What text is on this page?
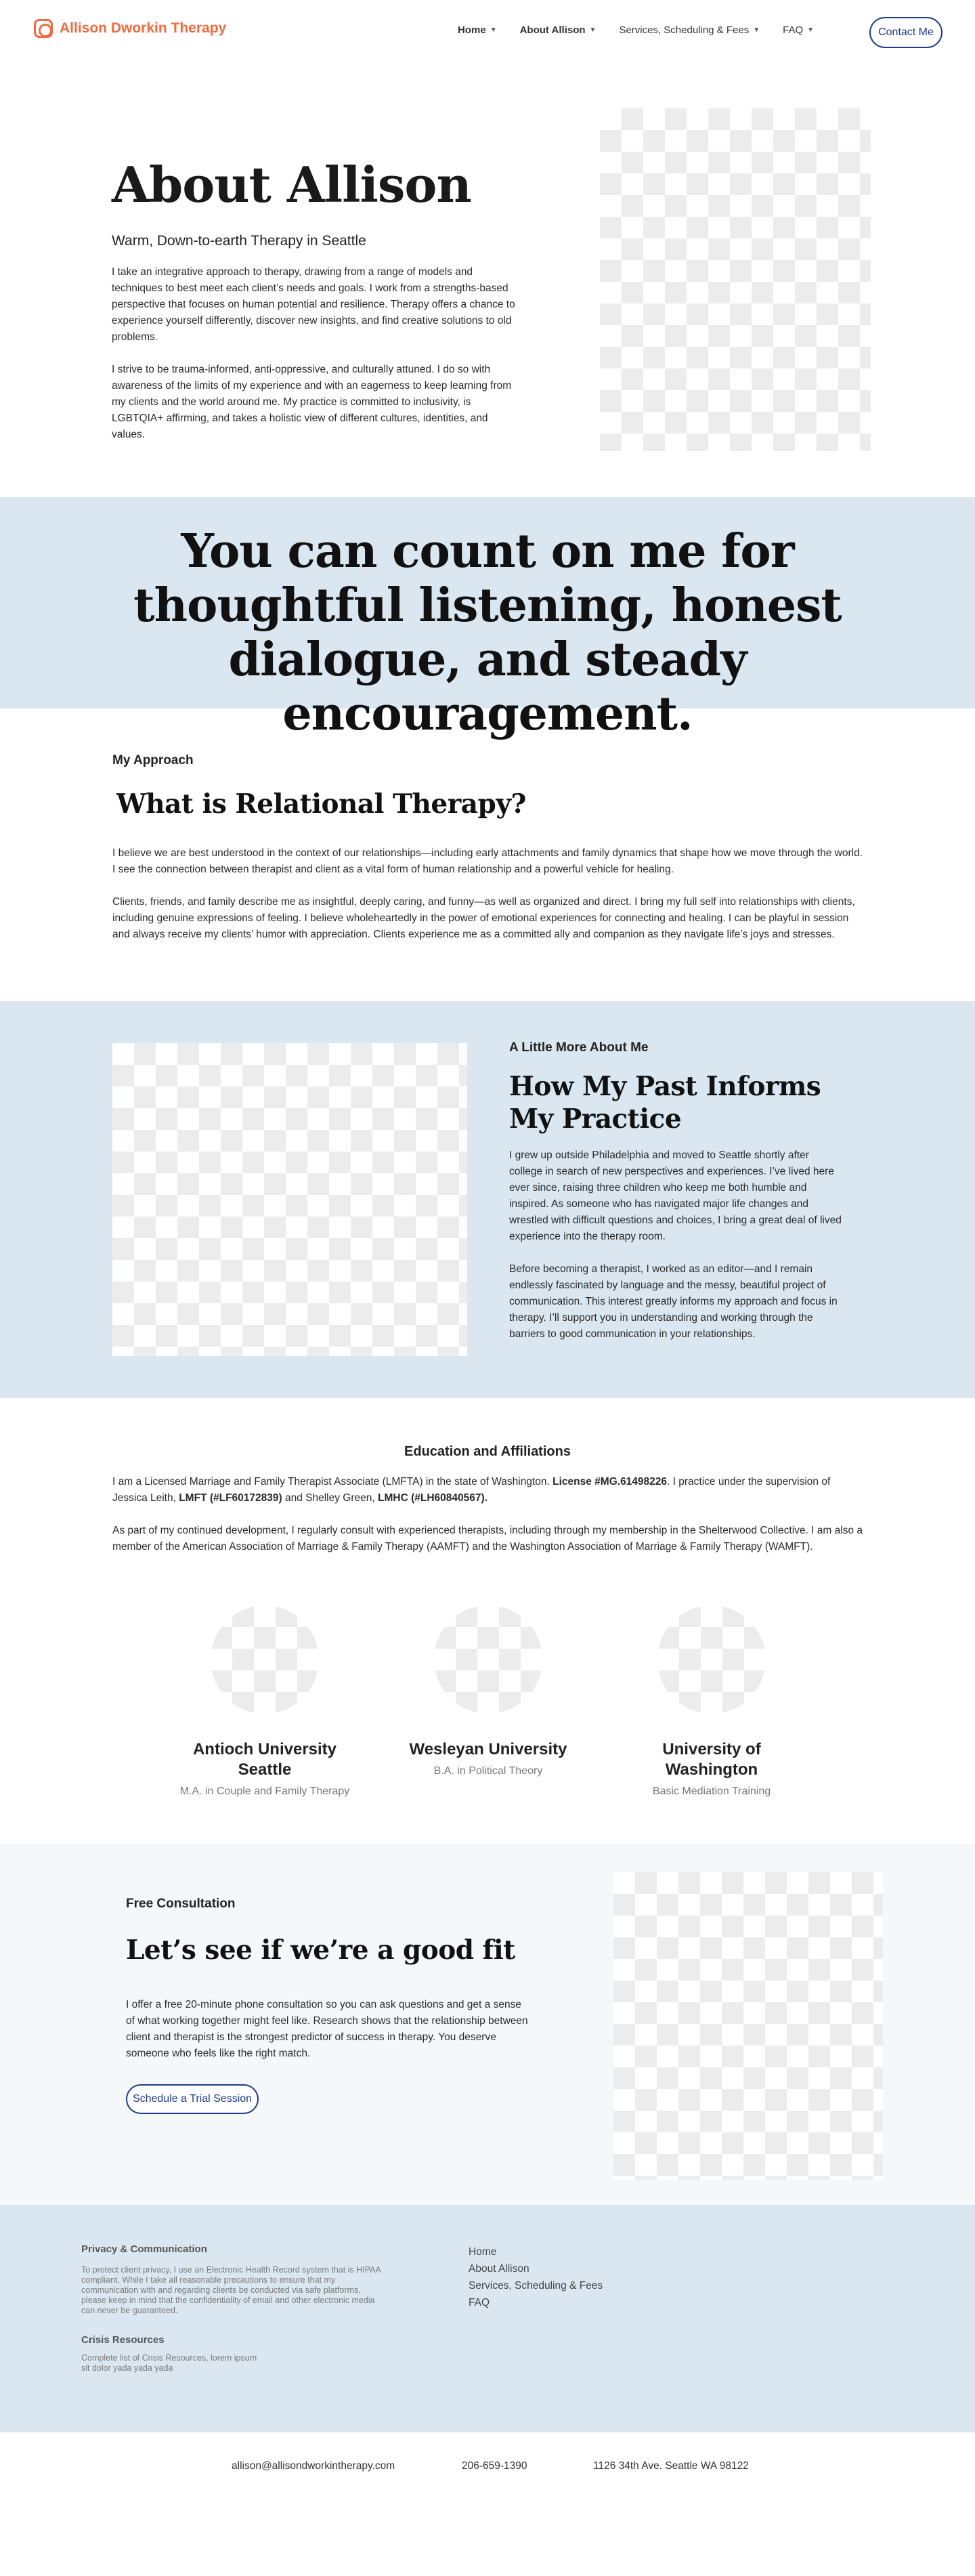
Allison Dworkin Therapy	Home ▼ About Allison ▼ Services, Scheduling & Fees ▼ FAQ ▼	Contact Me
About Allison
Warm, Down-to-earth Therapy in Seattle

I take an integrative approach to therapy, drawing from a range of models and techniques to best meet each client’s needs and goals. I work from a strengths-based perspective that focuses on human potential and resilience. Therapy offers a chance to experience yourself differently, discover new insights, and find creative solutions to old problems.

I strive to be trauma-informed, anti-oppressive, and culturally attuned. I do so with awareness of the limits of my experience and with an eagerness to keep learning from my clients and the world around me. My practice is committed to inclusivity, is LGBTQIA+ affirming, and takes a holistic view of different cultures, identities, and values.

You can count on me for thoughtful listening, honest dialogue, and steady encouragement.
My Approach
What is Relational Therapy?

I believe we are best understood in the context of our relationships—including early attachments and family dynamics that shape how we move through the world. I see the connection between therapist and client as a vital form of human relationship and a powerful vehicle for healing.

Clients, friends, and family describe me as insightful, deeply caring, and funny—as well as organized and direct. I bring my full self into relationships with clients, including genuine expressions of feeling. I believe wholeheartedly in the power of emotional experiences for connecting and healing. I can be playful in session and always receive my clients’ humor with appreciation. Clients experience me as a committed ally and companion as they navigate life’s joys and stresses.

A Little More About Me
How My Past Informs
My Practice

I grew up outside Philadelphia and moved to Seattle shortly after college in search of new perspectives and experiences. I’ve lived here ever since, raising three children who keep me both humble and inspired. As someone who has navigated major life changes and wrestled with difficult questions and choices, I bring a great deal of lived experience into the therapy room.

Before becoming a therapist, I worked as an editor—and I remain endlessly fascinated by language and the messy, beautiful project of communication. This interest greatly informs my approach and focus in therapy. I’ll support you in understanding and working through the barriers to good communication in your relationships.

Education and Affiliations

I am a Licensed Marriage and Family Therapist Associate (LMFTA) in the state of Washington. License #MG.61498226. I practice under the supervision of Jessica Leith, LMFT (#LF60172839) and Shelley Green, LMHC (#LH60840567).

As part of my continued development, I regularly consult with experienced therapists, including through my membership in the Shelterwood Collective. I am also a member of the American Association of Marriage & Family Therapy (AAMFT) and the Washington Association of Marriage & Family Therapy (WAMFT).

Antioch University Seattle
M.A. in Couple and Family Therapy
Wesleyan University
B.A. in Political Theory
University of Washington
Basic Mediation Training
Free Consultation
Let’s see if we’re a good fit

I offer a free 20-minute phone consultation so you can ask questions and get a sense of what working together might feel like. Research shows that the relationship between client and therapist is the strongest predictor of success in therapy. You deserve someone who feels like the right match.

Schedule a Trial Session
Privacy & Communication

To protect client privacy, I use an Electronic Health Record system that is HIPAA compliant. While I take all reasonable precautions to ensure that my communication with and regarding clients be conducted via safe platforms, please keep in mind that the confidentiality of email and other electronic media can never be guaranteed.

Crisis Resources

Complete list of Crisis Resources, lorem ipsum sit dolor yada yada yada

Home
About Allison
Services, Scheduling & Fees
FAQ
allison@allisondworkintherapy.com	206-659-1390	1126 34th Ave. Seattle WA 98122
